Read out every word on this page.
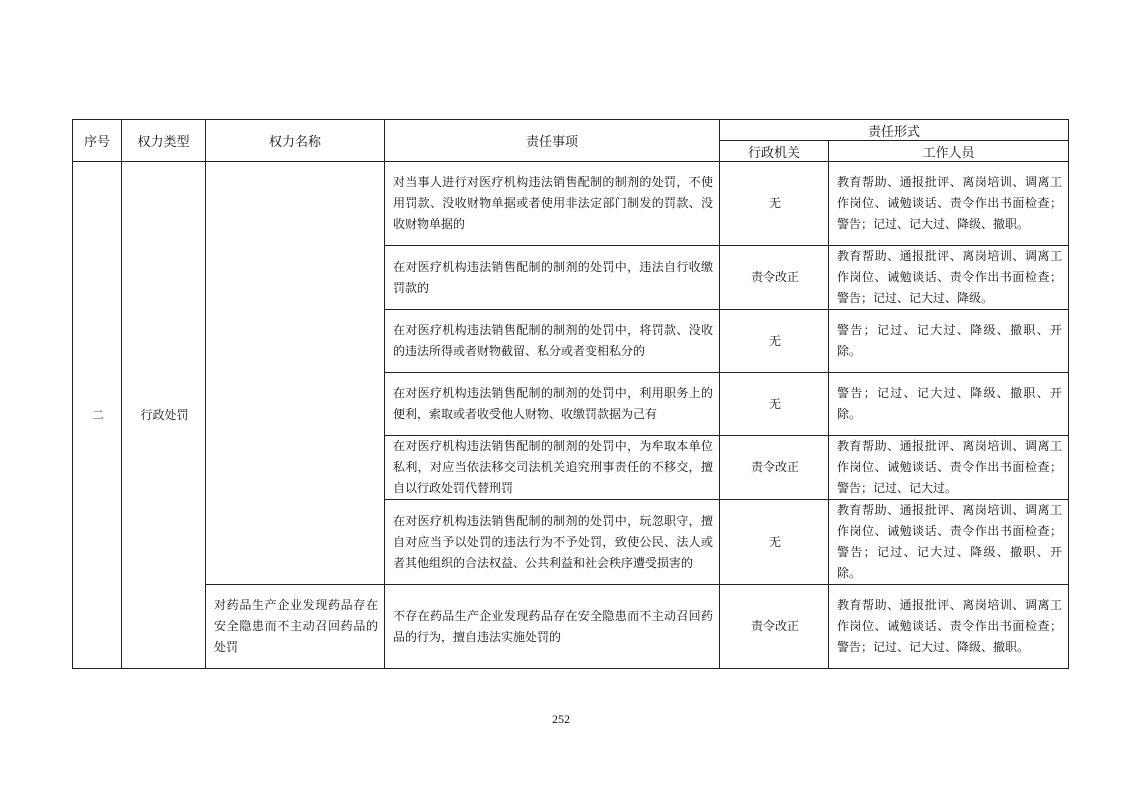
序号	权力类型	权力名称	责任事项	责任形式	
				行政机关	工作人员
二	行政处罚		对当事人进行对医疗机构违法销售配制的制剂的处罚，不使用罚款、没收财物单据或者使用非法定部门制发的罚款、没收财物单据的	无	教育帮助、通报批评、离岗培训、调离工作岗位、诫勉谈话、责令作出书面检查；警告；记过、记大过、降级、撤职。
			在对医疗机构违法销售配制的制剂的处罚中，违法自行收缴罚款的	责令改正	教育帮助、通报批评、离岗培训、调离工作岗位、诫勉谈话、责令作出书面检查；警告；记过、记大过、降级。
			在对医疗机构违法销售配制的制剂的处罚中，将罚款、没收的违法所得或者财物截留、私分或者变相私分的	无	警告；记过、记大过、降级、撤职、开除。
			在对医疗机构违法销售配制的制剂的处罚中，利用职务上的便利，索取或者收受他人财物、收缴罚款据为己有	无	警告；记过、记大过、降级、撤职、开除。
			在对医疗机构违法销售配制的制剂的处罚中，为牟取本单位私利，对应当依法移交司法机关追究刑事责任的不移交，擅自以行政处罚代替刑罚	责令改正	教育帮助、通报批评、离岗培训、调离工作岗位、诫勉谈话、责令作出书面检查；警告；记过、记大过。
			在对医疗机构违法销售配制的制剂的处罚中，玩忽职守，擅自对应当予以处罚的违法行为不予处罚，致使公民、法人或者其他组织的合法权益、公共利益和社会秩序遭受损害的	无	教育帮助、通报批评、离岗培训、调离工作岗位、诫勉谈话、责令作出书面检查；警告；记过、记大过、降级、撤职、开除。
		对药品生产企业发现药品存在安全隐患而不主动召回药品的处罚	不存在药品生产企业发现药品存在安全隐患而不主动召回药品的行为，擅自违法实施处罚的	责令改正	教育帮助、通报批评、离岗培训、调离工作岗位、诫勉谈话、责令作出书面检查；警告；记过、记大过、降级、撤职。
252
